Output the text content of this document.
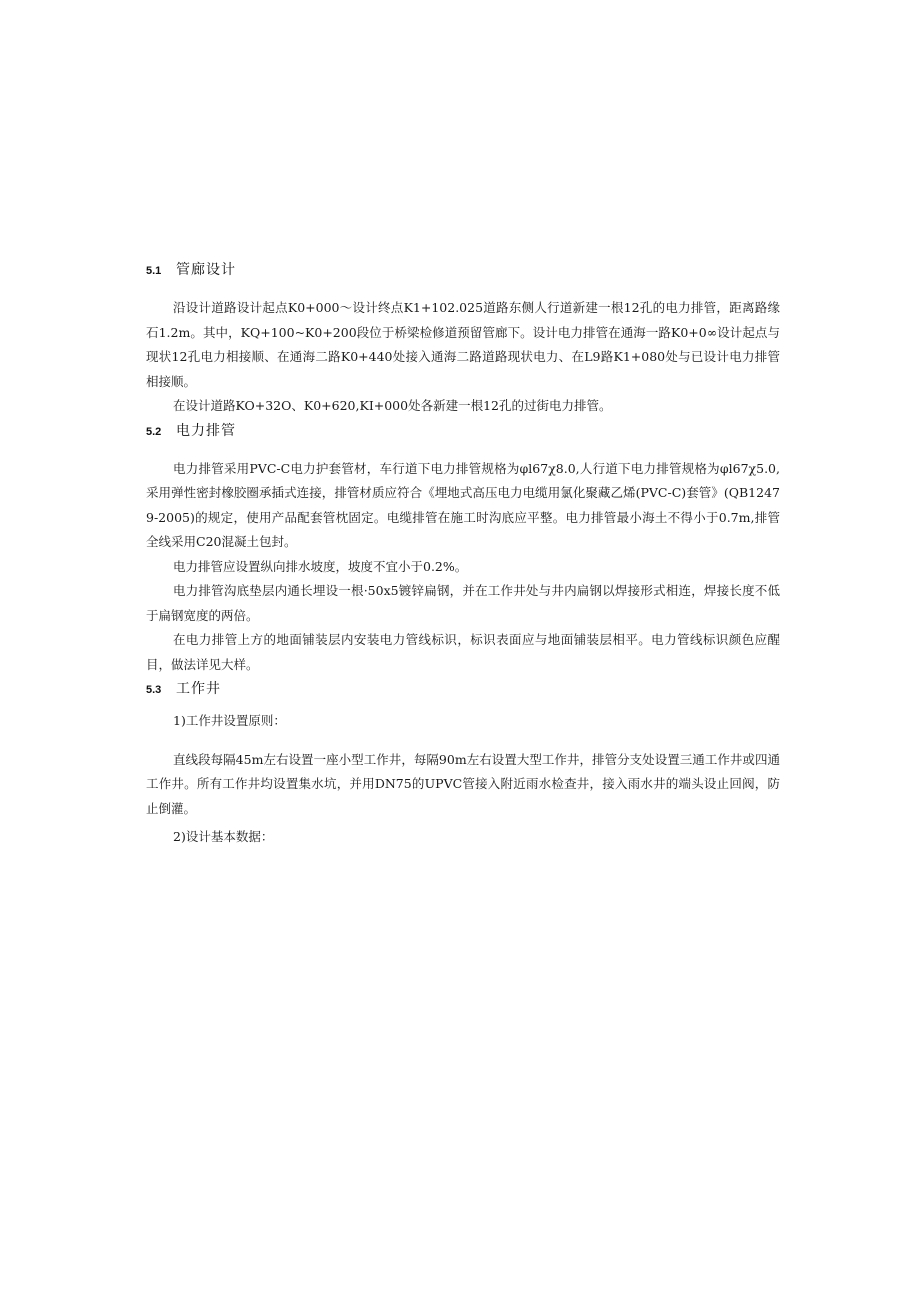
5.1	管廊设计

沿设计道路设计起点K0+000～设计终点K1+102.025道路东侧人行道新建一根12孔的电力排管，距离路缘石1.2m。其中，KQ+100~K0+200段位于桥梁检修道预留管廊下。设计电力排管在通海一路K0+0∞设计起点与现状12孔电力相接顺、在通海二路K0+440处接入通海二路道路现状电力、在L9路K1+080处与已设计电力排管相接顺。

在设计道路KO+32O、K0+620,KI+000处各新建一根12孔的过街电力排管。

5.2	电力排管

电力排管采用PVC-C电力护套管材，车行道下电力排管规格为φl67χ8.0,人行道下电力排管规格为φl67χ5.0,采用弹性密封橡胶圈承插式连接，排管材质应符合《埋地式高压电力电缆用氯化聚藏乙烯(PVC-C)套管》(QB12479-2005)的规定，使用产品配套管枕固定。电缆排管在施工时沟底应平整。电力排管最小海土不得小于0.7m,排管全线采用C20混凝土包封。

电力排管应设置纵向排水坡度，坡度不宜小于0.2%。

电力排管沟底垫层内通长埋设一根·50x5镀锌扁钢，并在工作井处与井内扁钢以焊接形式相连，焊接长度不低于扁钢宽度的两倍。

在电力排管上方的地面铺装层内安装电力管线标识，标识表面应与地面铺装层相平。电力管线标识颜色应醒目，做法详见大样。

5.3	工作井

1)工作井设置原则：

直线段每隔45m左右设置一座小型工作井，每隔90m左右设置大型工作井，排管分支处设置三通工作井或四通工作井。所有工作井均设置集水坑，并用DN75的UPVC管接入附近雨水检查井，接入雨水井的端头设止回阀，防止倒灌。

2)设计基本数据：
